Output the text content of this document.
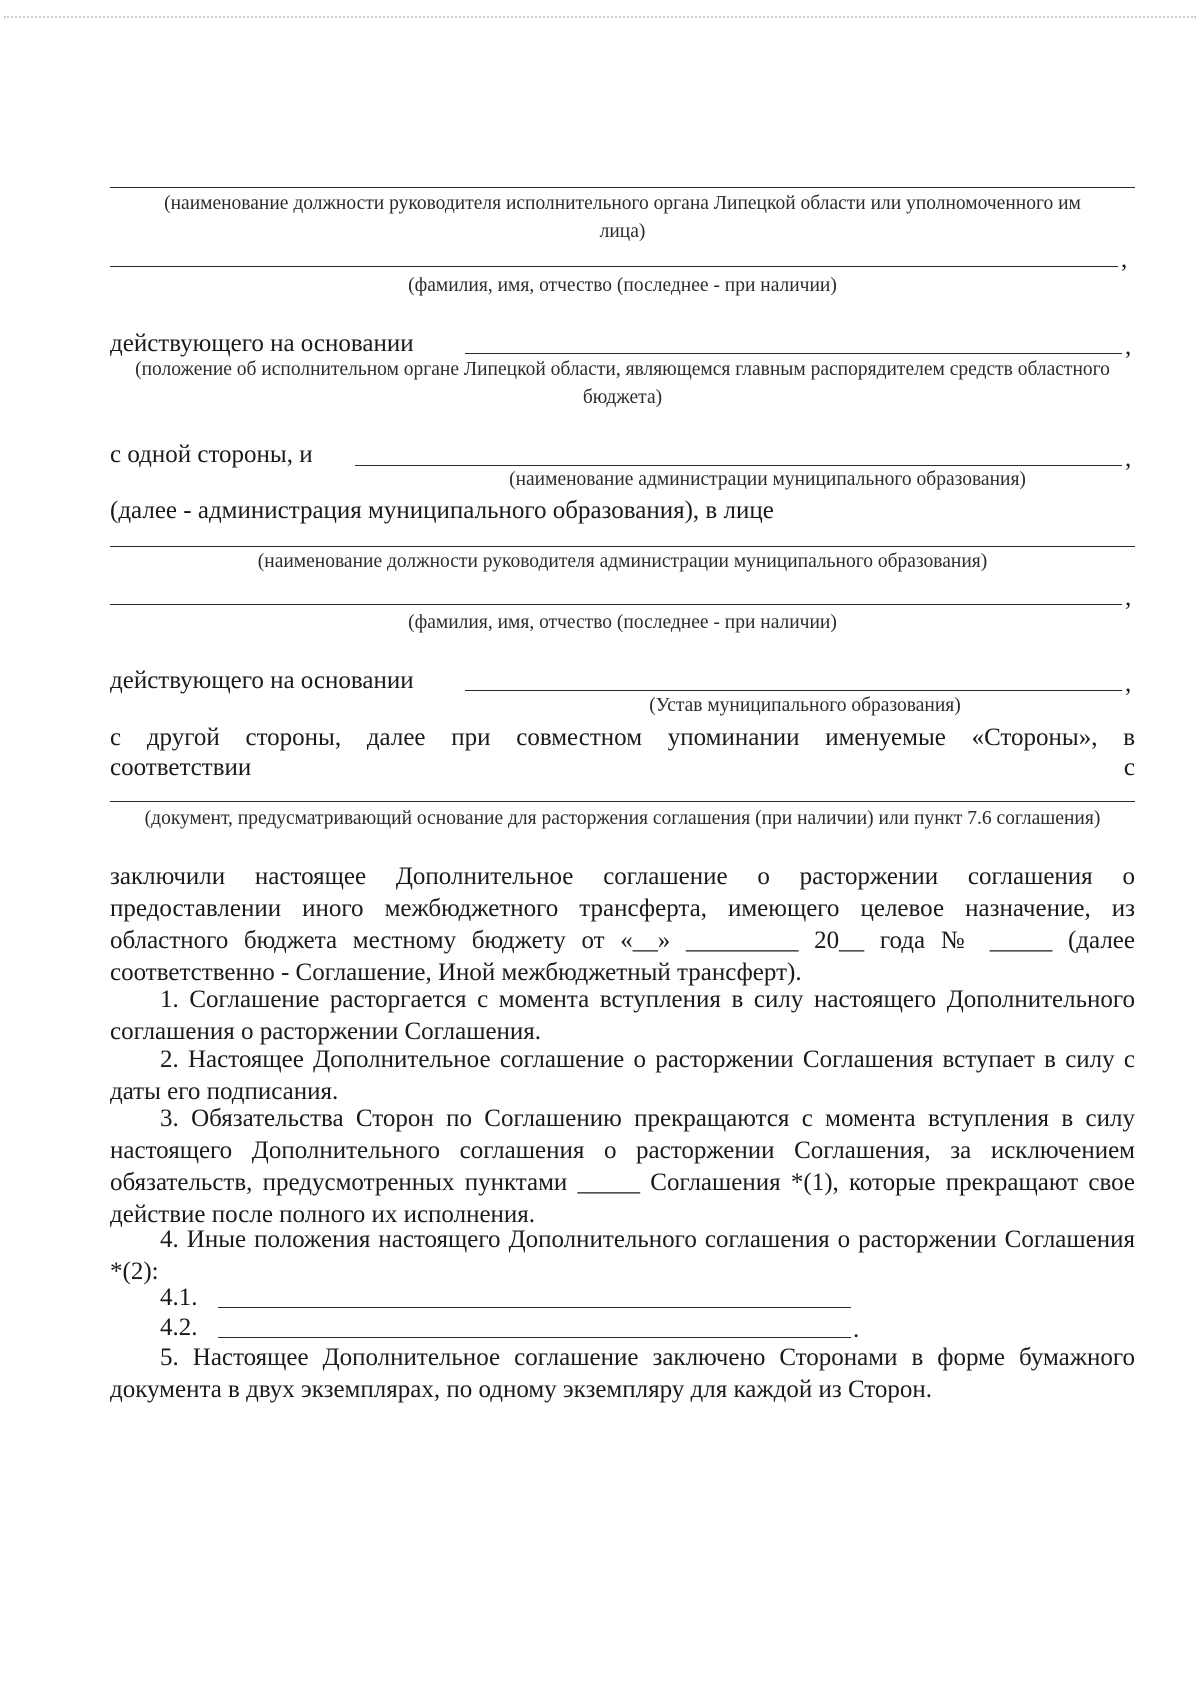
(наименование должности руководителя исполнительного органа Липецкой области или уполномоченного им лица)
,
(фамилия, имя, отчество (последнее - при наличии)
действующего на основании	,
(положение об исполнительном органе Липецкой области, являющемся главным распорядителем средств областного бюджета)
с одной стороны, и	,
(наименование администрации муниципального образования)
(далее - администрация муниципального образования), в лице
(наименование должности руководителя администрации муниципального образования)
,
(фамилия, имя, отчество (последнее - при наличии)
действующего на основании	,
(Устав муниципального образования)
с другой стороны, далее при совместном упоминании именуемые «Стороны», в
соответствии	с
(документ, предусматривающий основание для расторжения соглашения (при наличии) или пункт 7.6 соглашения)
заключили настоящее Дополнительное соглашение о расторжении соглашения о предоставлении иного межбюджетного трансферта, имеющего целевое назначение, из областного бюджета местному бюджету от «__» _________ 20__ года № _____ (далее соответственно - Соглашение, Иной межбюджетный трансферт).
1. Соглашение расторгается с момента вступления в силу настоящего Дополнительного соглашения о расторжении Соглашения.
2. Настоящее Дополнительное соглашение о расторжении Соглашения вступает в силу с даты его подписания.
3. Обязательства Сторон по Соглашению прекращаются с момента вступления в силу настоящего Дополнительного соглашения о расторжении Соглашения, за исключением обязательств, предусмотренных пунктами _____ Соглашения *(1), которые прекращают свое действие после полного их исполнения.
4. Иные положения настоящего Дополнительного соглашения о расторжении Соглашения *(2):
4.1.
4.2.	.
5. Настоящее Дополнительное соглашение заключено Сторонами в форме бумажного документа в двух экземплярах, по одному экземпляру для каждой из Сторон.
